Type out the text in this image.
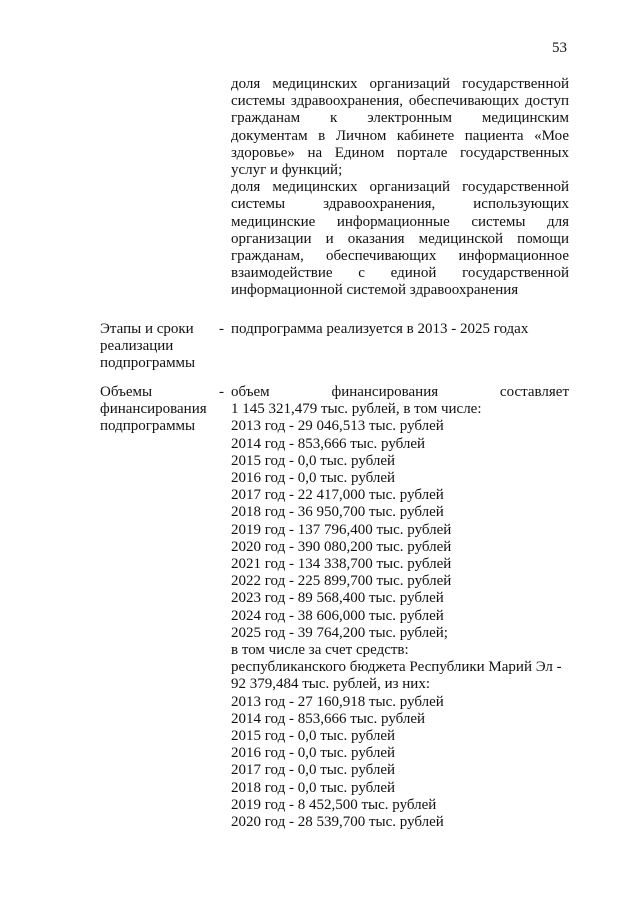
53
доля медицинских организаций государственной
системы здравоохранения, обеспечивающих доступ
гражданам к электронным медицинским
документам в Личном кабинете пациента «Мое
здоровье» на Едином портале государственных
услуг и функций;
доля медицинских организаций государственной
системы здравоохранения, использующих
медицинские информационные системы для
организации и оказания медицинской помощи
гражданам, обеспечивающих информационное
взаимодействие с единой государственной
информационной системой здравоохранения
Этапы и сроки
реализации
подпрограммы
- подпрограмма реализуется в 2013 - 2025 годах
Объемы
финансирования
подпрограммы
- объем финансирования составляет
1 145 321,479 тыс. рублей, в том числе:
2013 год - 29 046,513 тыс. рублей
2014 год - 853,666 тыс. рублей
2015 год - 0,0 тыс. рублей
2016 год - 0,0 тыс. рублей
2017 год - 22 417,000 тыс. рублей
2018 год - 36 950,700 тыс. рублей
2019 год - 137 796,400 тыс. рублей
2020 год - 390 080,200 тыс. рублей
2021 год - 134 338,700 тыс. рублей
2022 год - 225 899,700 тыс. рублей
2023 год - 89 568,400 тыс. рублей
2024 год - 38 606,000 тыс. рублей
2025 год - 39 764,200 тыс. рублей;
в том числе за счет средств:
республиканского бюджета Республики Марий Эл -
92 379,484 тыс. рублей, из них:
2013 год - 27 160,918 тыс. рублей
2014 год - 853,666 тыс. рублей
2015 год - 0,0 тыс. рублей
2016 год - 0,0 тыс. рублей
2017 год - 0,0 тыс. рублей
2018 год - 0,0 тыс. рублей
2019 год - 8 452,500 тыс. рублей
2020 год - 28 539,700 тыс. рублей
